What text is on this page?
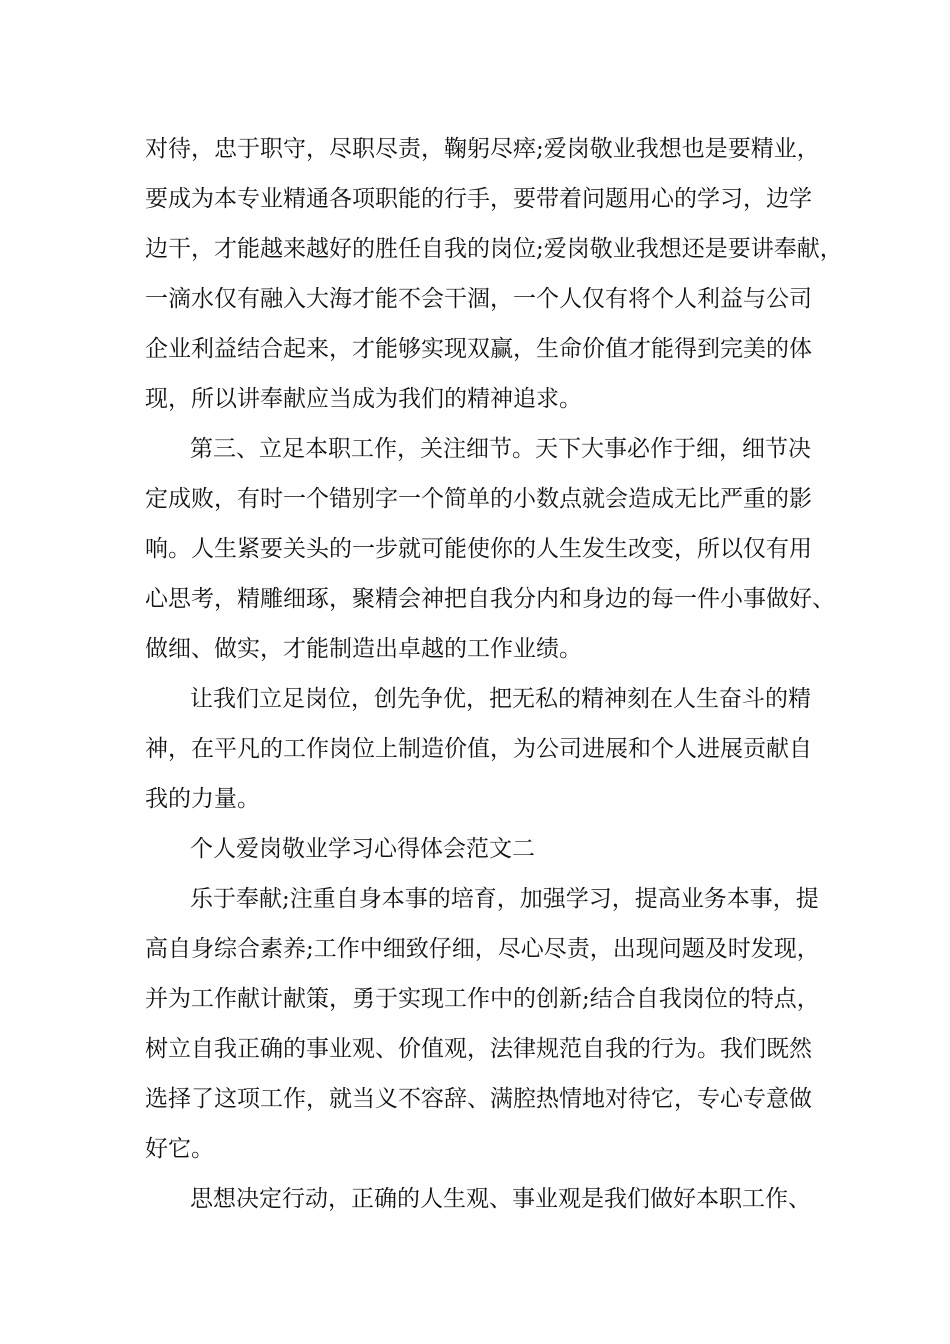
对待，忠于职守，尽职尽责，鞠躬尽瘁;爱岗敬业我想也是要精业，
要成为本专业精通各项职能的行手，要带着问题用心的学习，边学
边干，才能越来越好的胜任自我的岗位;爱岗敬业我想还是要讲奉献，
一滴水仅有融入大海才能不会干涸，一个人仅有将个人利益与公司
企业利益结合起来，才能够实现双赢，生命价值才能得到完美的体
现，所以讲奉献应当成为我们的精神追求。
第三、立足本职工作，关注细节。天下大事必作于细，细节决
定成败，有时一个错别字一个简单的小数点就会造成无比严重的影
响。人生紧要关头的一步就可能使你的人生发生改变，所以仅有用
心思考，精雕细琢，聚精会神把自我分内和身边的每一件小事做好、
做细、做实，才能制造出卓越的工作业绩。
让我们立足岗位，创先争优，把无私的精神刻在人生奋斗的精
神，在平凡的工作岗位上制造价值，为公司进展和个人进展贡献自
我的力量。
个人爱岗敬业学习心得体会范文二
乐于奉献;注重自身本事的培育，加强学习，提高业务本事，提
高自身综合素养;工作中细致仔细，尽心尽责，出现问题及时发现，
并为工作献计献策，勇于实现工作中的创新;结合自我岗位的特点，
树立自我正确的事业观、价值观，法律规范自我的行为。我们既然
选择了这项工作，就当义不容辞、满腔热情地对待它，专心专意做
好它。
思想决定行动，正确的人生观、事业观是我们做好本职工作、
